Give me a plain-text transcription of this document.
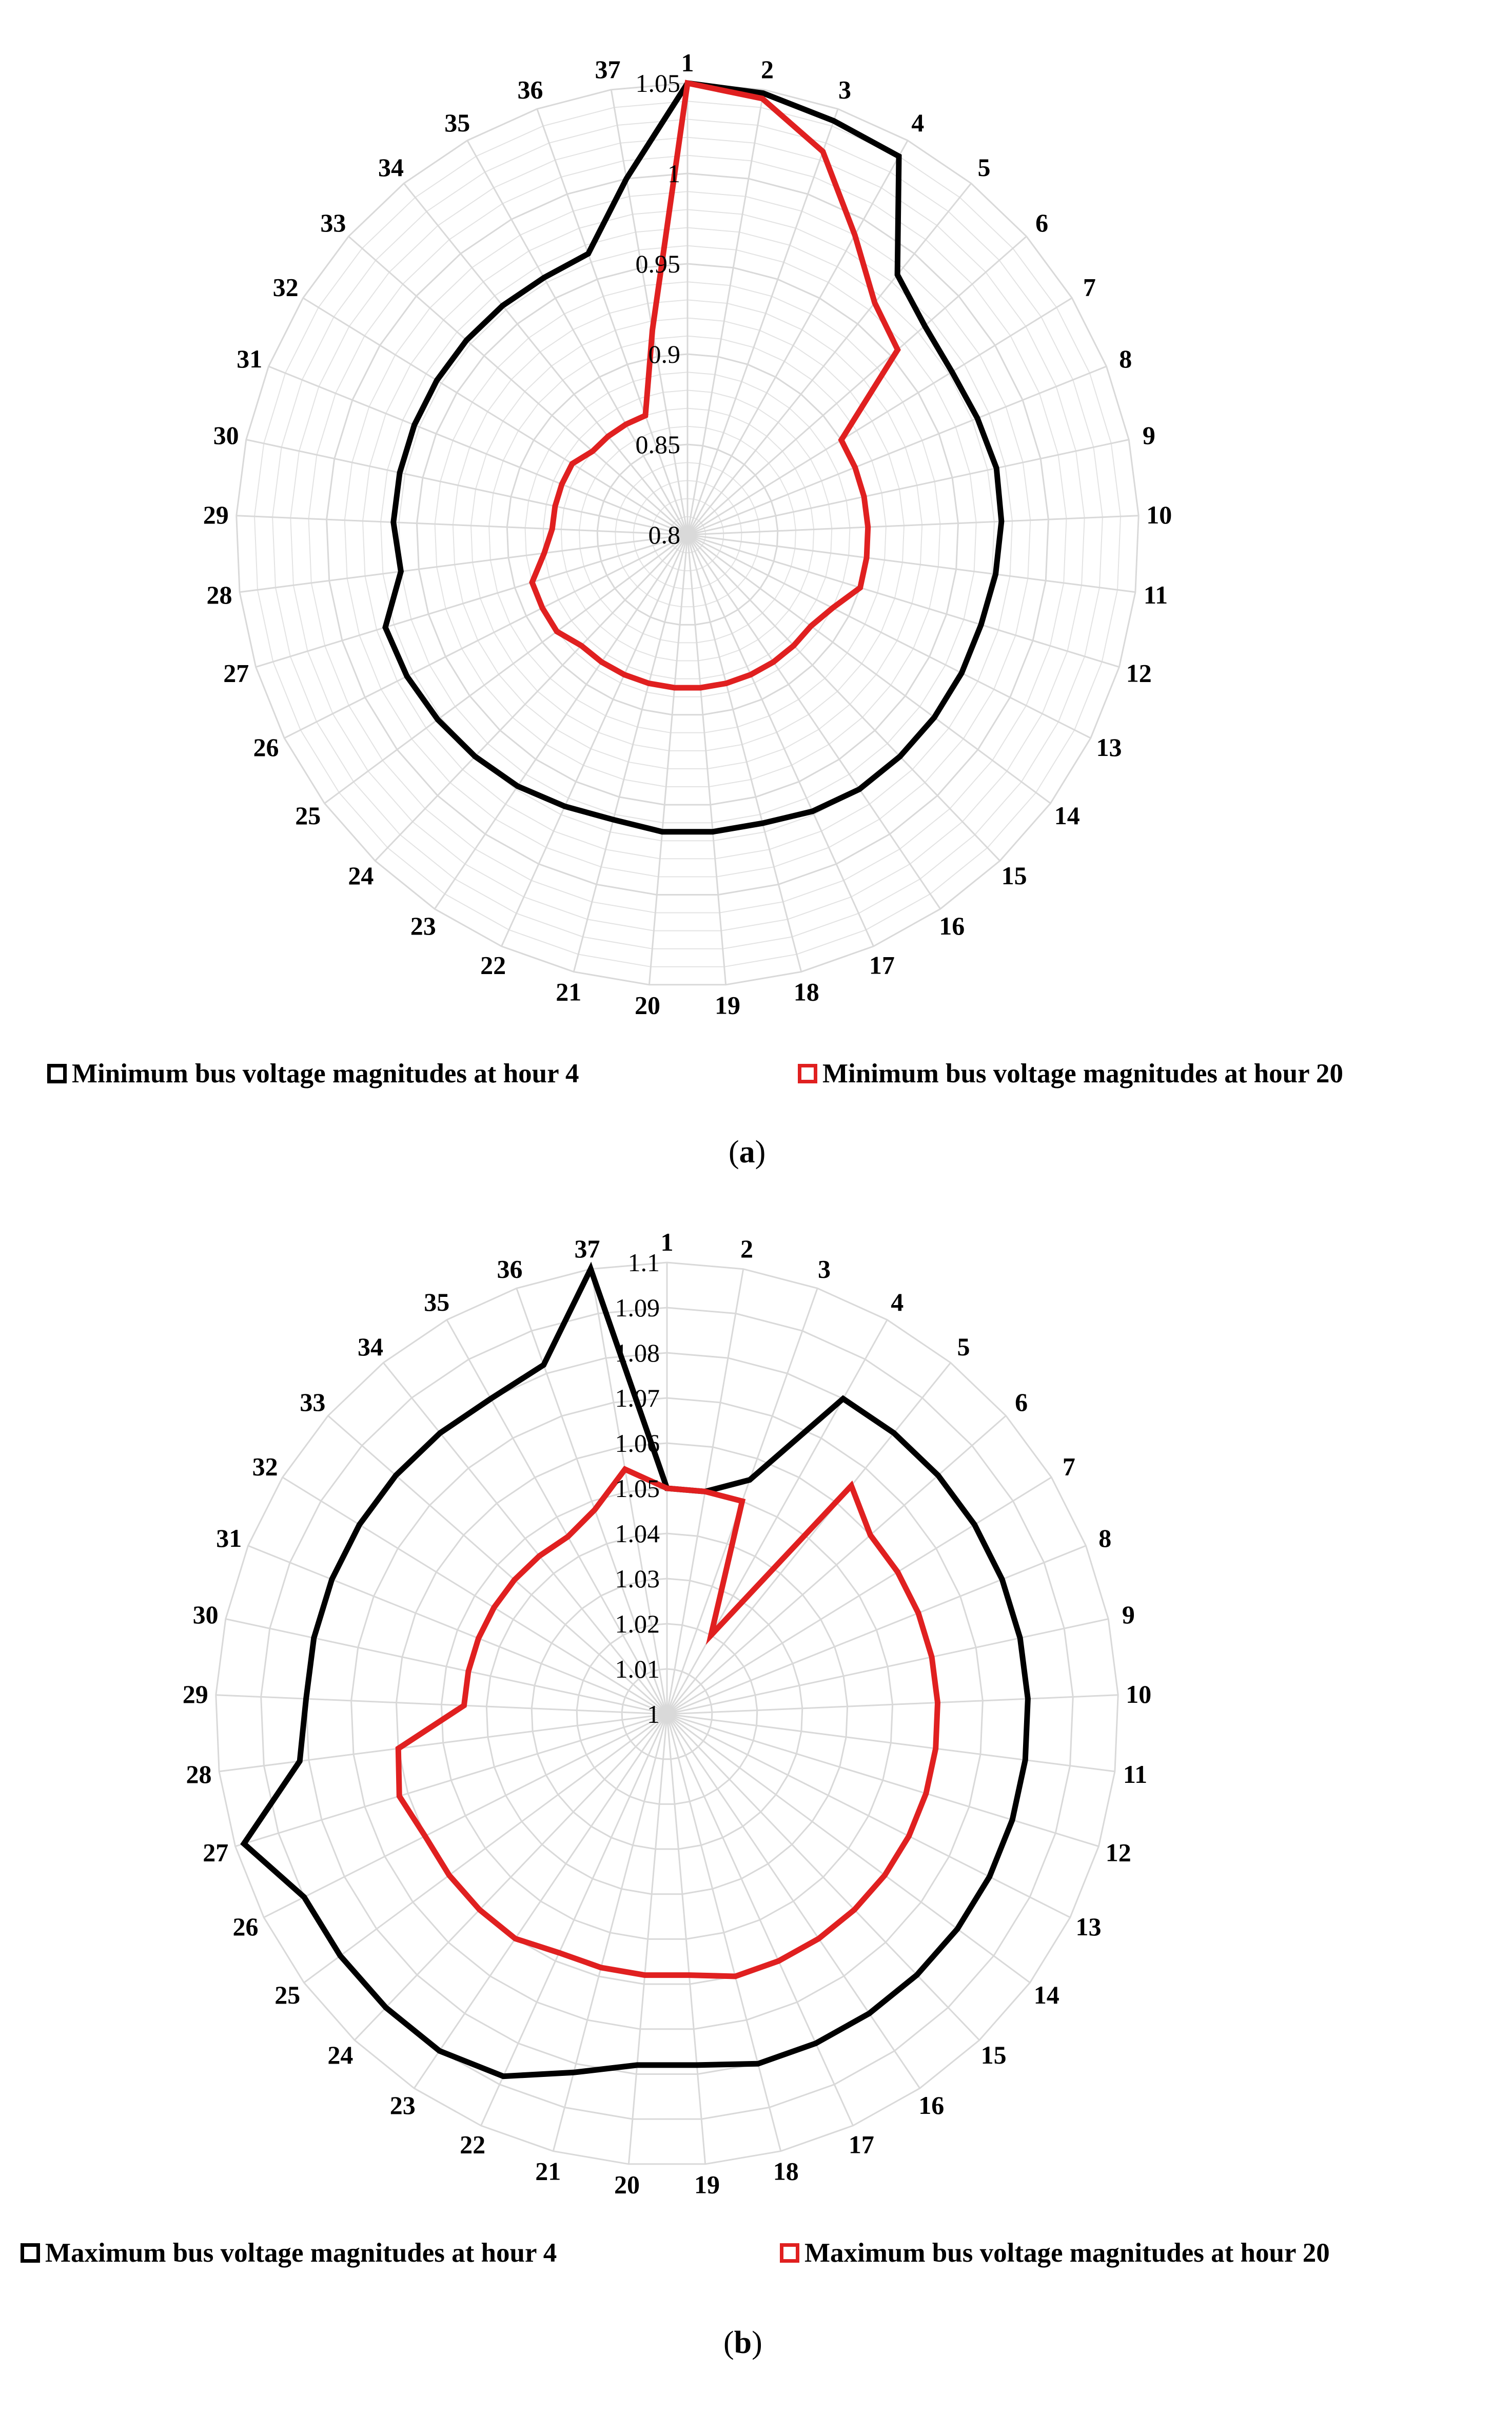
0.8
0.85
0.9
0.95
1
1.05
1	2
3
4
5
6
7
8
9
10
11
12
13
14
15
16
17
18
19
20
21
22
23
24
25
26
27
28
29
30
31
32
33
34
35
36
37
1
1.01
1.02
1.03
1.04
1.05
1.06
1.07
1.08
1.09
1.1
1	2
3
4
5
6
7
8
9
10
11
12
13
14
15
16
17
18
19
20
21
22
23
24
25
26
27
28
29
30
31
32
33
34
35
36
37
Minimum bus voltage magnitudes at hour 4	Minimum bus voltage magnitudes at hour 20
(a)
Maximum bus voltage magnitudes at hour 4	Maximum bus voltage magnitudes at hour 20
(b)
